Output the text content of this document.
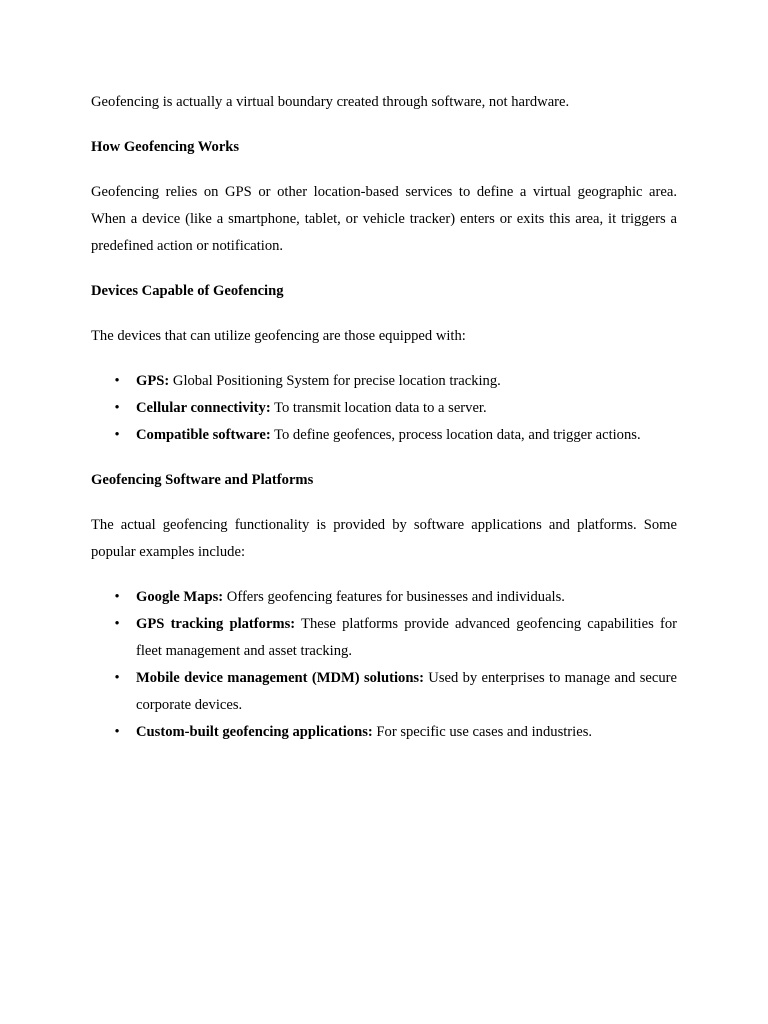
Geofencing is actually a virtual boundary created through software, not hardware.

How Geofencing Works

Geofencing relies on GPS or other location-based services to define a virtual geographic area. When a device (like a smartphone, tablet, or vehicle tracker) enters or exits this area, it triggers a predefined action or notification.

Devices Capable of Geofencing

The devices that can utilize geofencing are those equipped with:

• GPS: Global Positioning System for precise location tracking.
• Cellular connectivity: To transmit location data to a server.
• Compatible software: To define geofences, process location data, and trigger actions.

Geofencing Software and Platforms

The actual geofencing functionality is provided by software applications and platforms. Some popular examples include:

• Google Maps: Offers geofencing features for businesses and individuals.
• GPS tracking platforms: These platforms provide advanced geofencing capabilities for fleet management and asset tracking.
• Mobile device management (MDM) solutions: Used by enterprises to manage and secure corporate devices.
• Custom-built geofencing applications: For specific use cases and industries.
